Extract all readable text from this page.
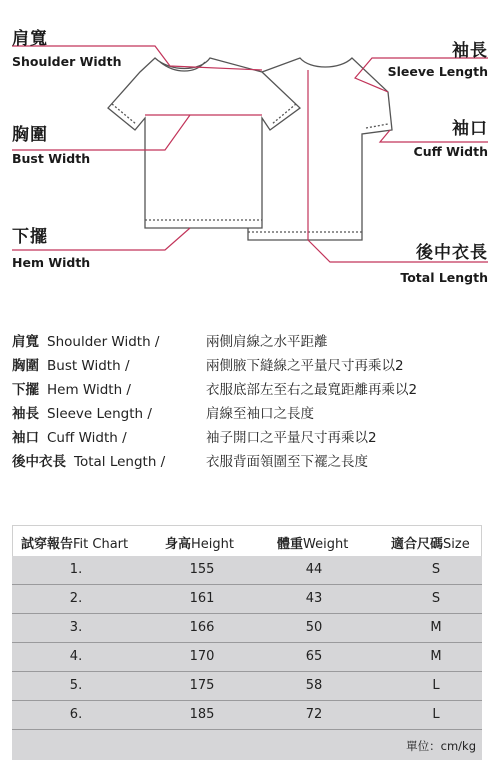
肩寬
Shoulder Width
胸圍
Bust Width
下擺
Hem Width
袖長
Sleeve Length
袖口
Cuff Width
後中衣長
Total Length
肩寬 Shoulder Width /	兩側肩線之水平距離
胸圍 Bust Width /	兩側腋下縫線之平量尺寸再乘以2
下擺 Hem Width /	衣服底部左至右之最寬距離再乘以2
袖長 Sleeve Length /	肩線至袖口之長度
袖口 Cuff Width /	袖子開口之平量尺寸再乘以2
後中衣長 Total Length /	衣服背面領圍至下襬之長度
試穿報告Fit Chart	身高Height	體重Weight	適合尺碼Size
1.	155	44	S
2.	161	43	S
3.	166	50	M
4.	170	65	M
5.	175	58	L
6.	185	72	L
單位：cm/kg
